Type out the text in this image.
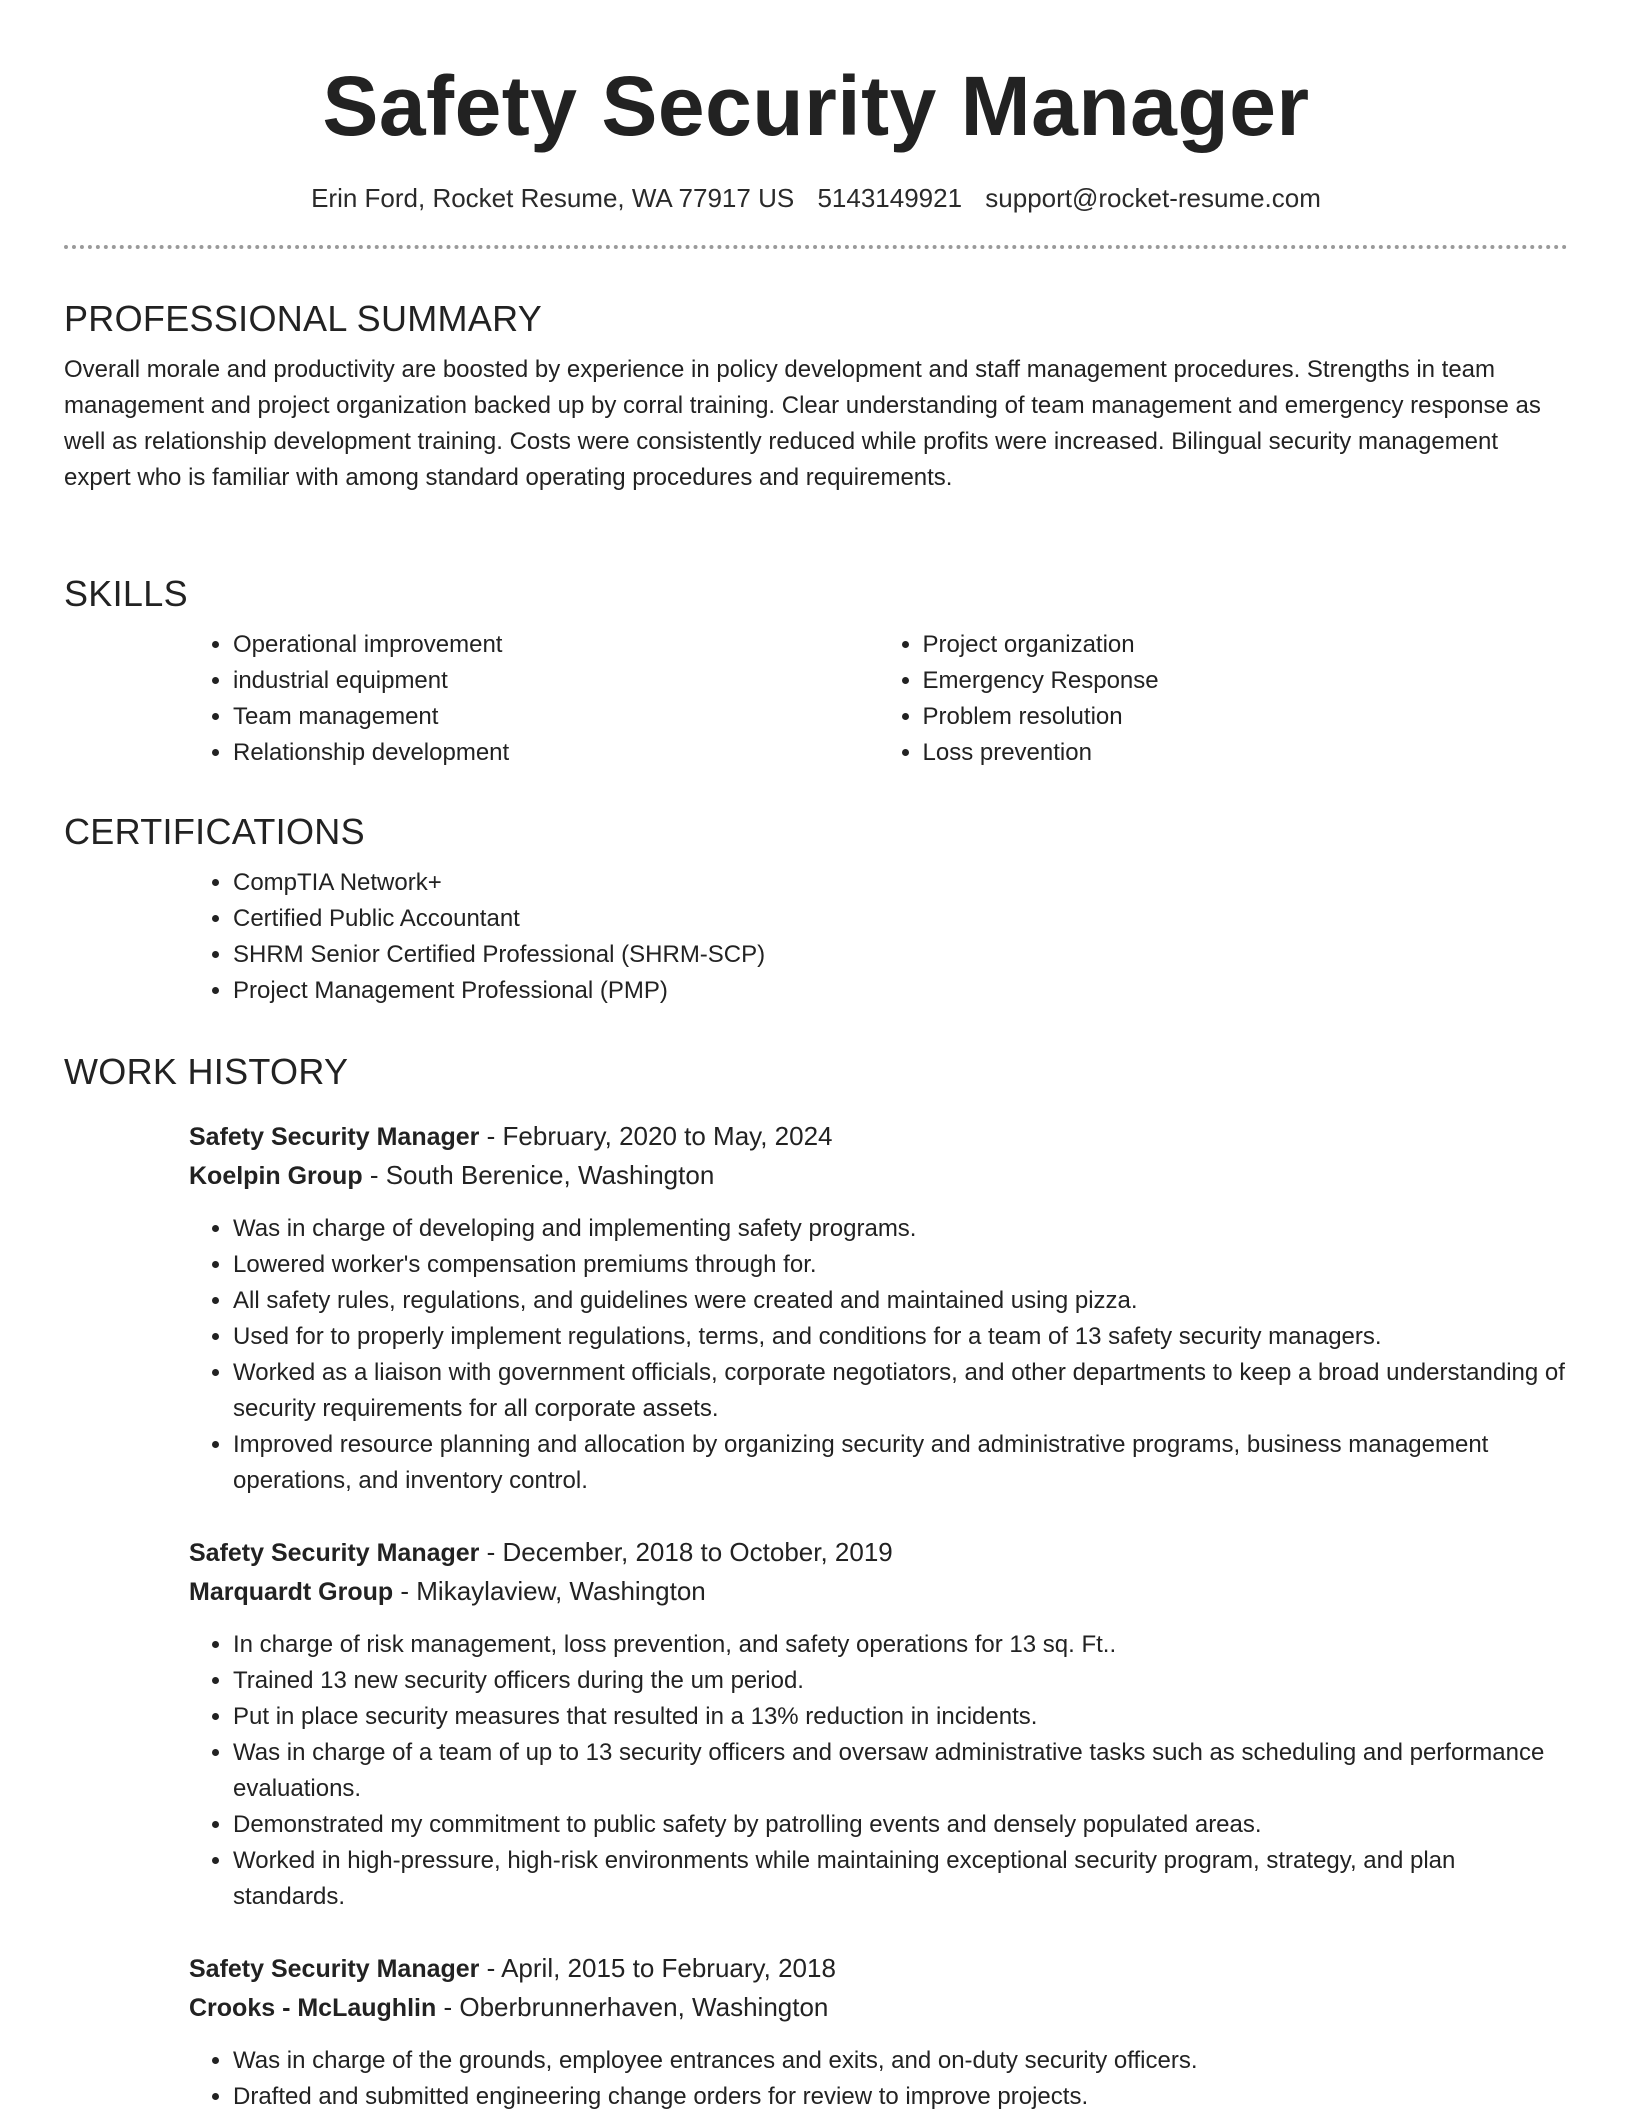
Safety Security Manager
Erin Ford, Rocket Resume, WA 77917 US 5143149921 support@rocket-resume.com
PROFESSIONAL SUMMARY

Overall morale and productivity are boosted by experience in policy development and staff management procedures. Strengths in team management and project organization backed up by corral training. Clear understanding of team management and emergency response as well as relationship development training. Costs were consistently reduced while profits were increased. Bilingual security management expert who is familiar with among standard operating procedures and requirements.

SKILLS
• Operational improvement
• industrial equipment
• Team management
• Relationship development
• Project organization
• Emergency Response
• Problem resolution
• Loss prevention
CERTIFICATIONS
• CompTIA Network+
• Certified Public Accountant
• SHRM Senior Certified Professional (SHRM-SCP)
• Project Management Professional (PMP)
WORK HISTORY

Safety Security Manager - February, 2020 to May, 2024

Koelpin Group - South Berenice, Washington

• Was in charge of developing and implementing safety programs.
• Lowered worker's compensation premiums through for.
• All safety rules, regulations, and guidelines were created and maintained using pizza.
• Used for to properly implement regulations, terms, and conditions for a team of 13 safety security managers.
• Worked as a liaison with government officials, corporate negotiators, and other departments to keep a broad understanding of security requirements for all corporate assets.
• Improved resource planning and allocation by organizing security and administrative programs, business management operations, and inventory control.

Safety Security Manager - December, 2018 to October, 2019

Marquardt Group - Mikaylaview, Washington

• In charge of risk management, loss prevention, and safety operations for 13 sq. Ft..
• Trained 13 new security officers during the um period.
• Put in place security measures that resulted in a 13% reduction in incidents.
• Was in charge of a team of up to 13 security officers and oversaw administrative tasks such as scheduling and performance evaluations.
• Demonstrated my commitment to public safety by patrolling events and densely populated areas.
• Worked in high-pressure, high-risk environments while maintaining exceptional security program, strategy, and plan standards.

Safety Security Manager - April, 2015 to February, 2018

Crooks - McLaughlin - Oberbrunnerhaven, Washington

• Was in charge of the grounds, employee entrances and exits, and on-duty security officers.
• Drafted and submitted engineering change orders for review to improve projects.
